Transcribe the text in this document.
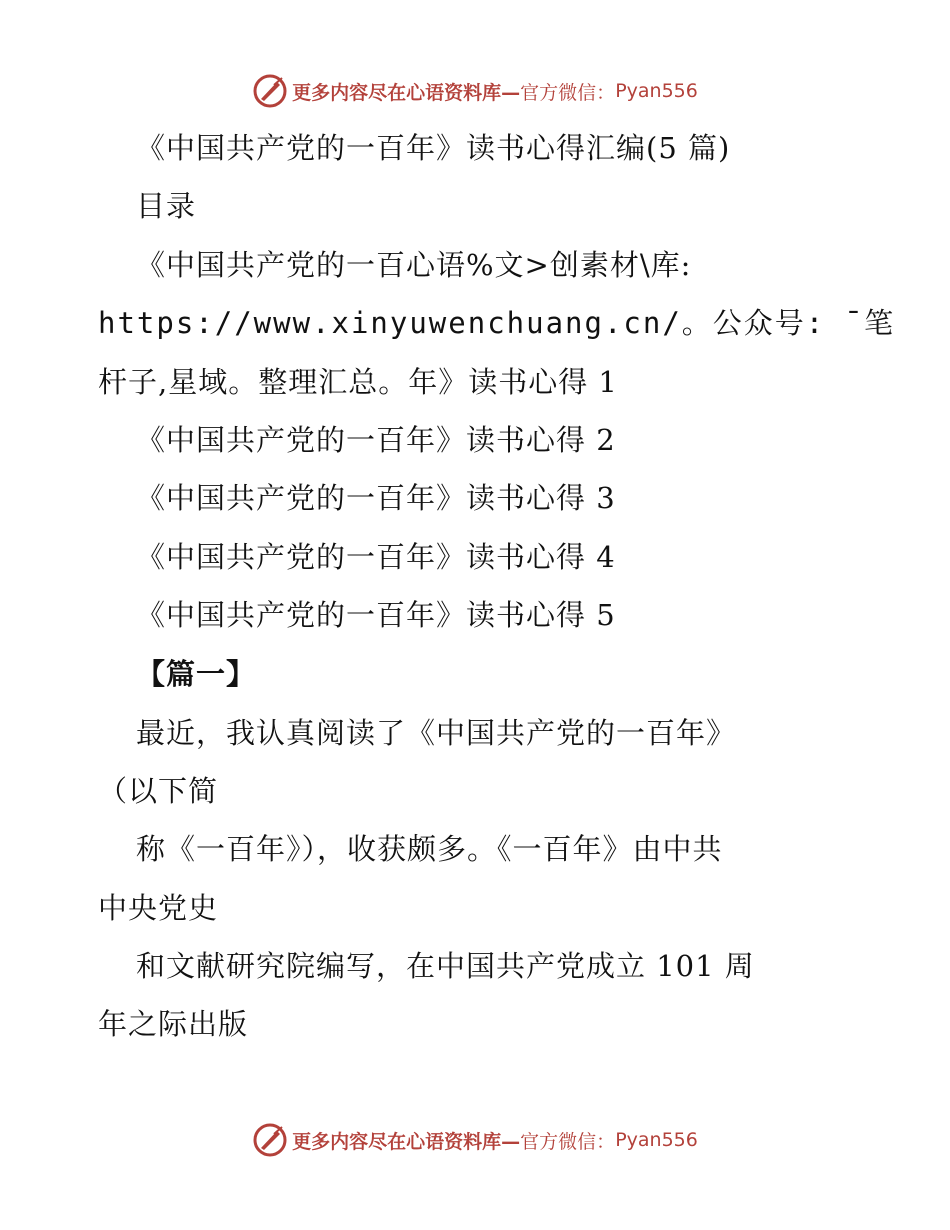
更多内容尽在心语资料库— 官方微信： Pyan556
《中国共产党的一百年》读书心得汇编(5 篇)
目录
《中国共产党的一百心语%文>创素材\库:
https://www.xinyuwenchuang.cn/。公众号: ¯笔
杆子,星域。整理汇总。年》读书心得 1
《中国共产党的一百年》读书心得 2
《中国共产党的一百年》读书心得 3
《中国共产党的一百年》读书心得 4
《中国共产党的一百年》读书心得 5
【篇一】
最近，我认真阅读了《中国共产党的一百年》
（以下简
称《一百年》），收获颇多。《一百年》由中共
中央党史
和文献研究院编写，在中国共产党成立 101 周
年之际出版
更多内容尽在心语资料库— 官方微信： Pyan556
